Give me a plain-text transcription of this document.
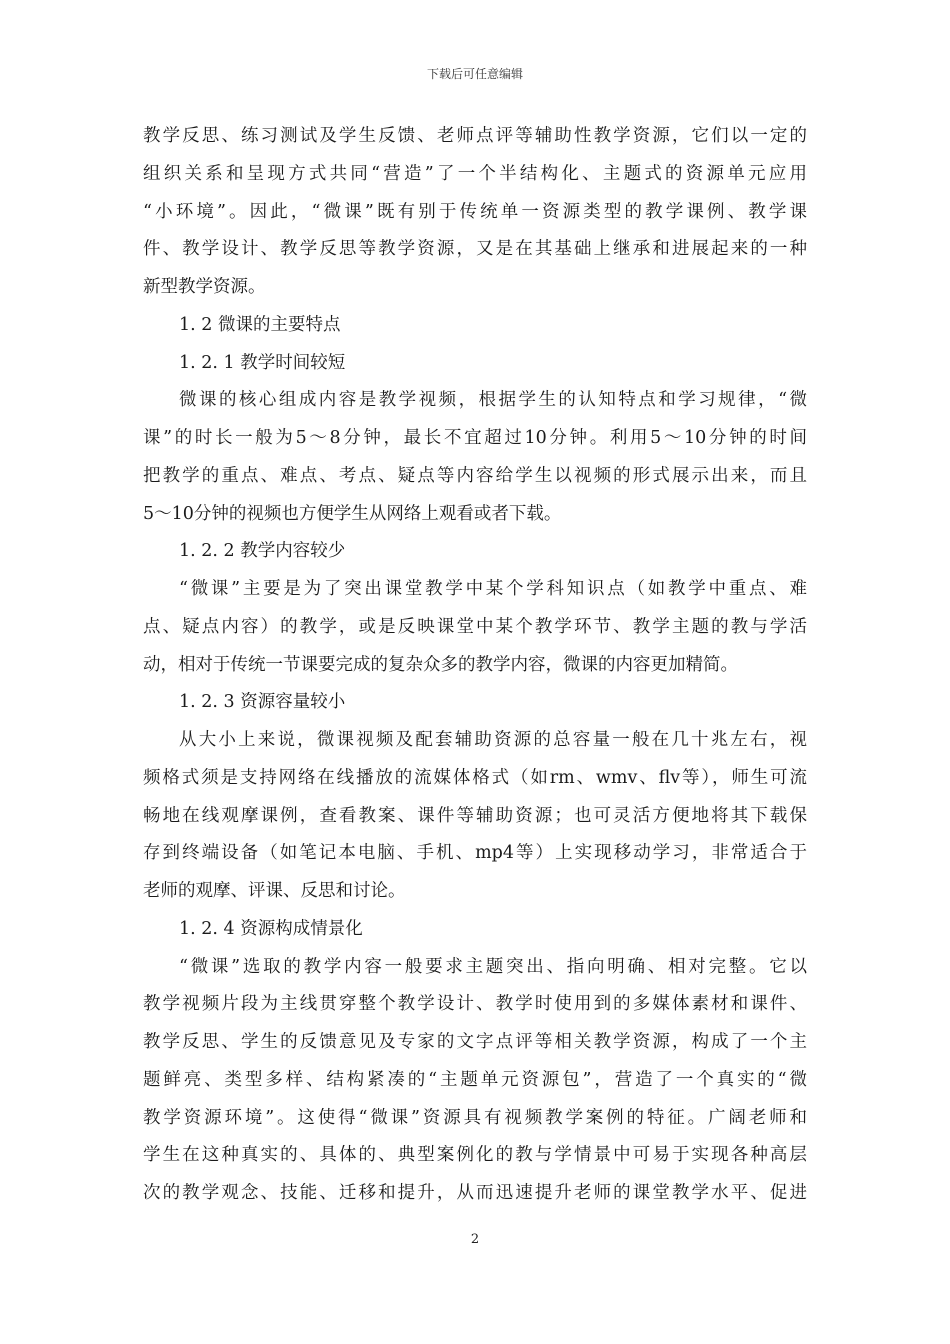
下载后可任意编辑
教学反思、练习测试及学生反馈、老师点评等辅助性教学资源，它们以一定的
组织关系和呈现方式共同“营造”了一个半结构化、主题式的资源单元应用
“小环境”。因此，“微课”既有别于传统单一资源类型的教学课例、教学课
件、教学设计、教学反思等教学资源，又是在其基础上继承和进展起来的一种
新型教学资源。
1. 2 微课的主要特点
1. 2. 1 教学时间较短
微课的核心组成内容是教学视频，根据学生的认知特点和学习规律，“微
课”的时长一般为5～8分钟，最长不宜超过10分钟。利用5～10分钟的时间
把教学的重点、难点、考点、疑点等内容给学生以视频的形式展示出来，而且
5～10分钟的视频也方便学生从网络上观看或者下载。
1. 2. 2 教学内容较少
“微课”主要是为了突出课堂教学中某个学科知识点（如教学中重点、难
点、疑点内容）的教学，或是反映课堂中某个教学环节、教学主题的教与学活
动，相对于传统一节课要完成的复杂众多的教学内容，微课的内容更加精简。
1. 2. 3 资源容量较小
从大小上来说，微课视频及配套辅助资源的总容量一般在几十兆左右，视
频格式须是支持网络在线播放的流媒体格式（如rm、wmv、flv等），师生可流
畅地在线观摩课例，查看教案、课件等辅助资源；也可灵活方便地将其下载保
存到终端设备（如笔记本电脑、手机、mp4等）上实现移动学习，非常适合于
老师的观摩、评课、反思和讨论。
1. 2. 4 资源构成情景化
“微课”选取的教学内容一般要求主题突出、指向明确、相对完整。它以
教学视频片段为主线贯穿整个教学设计、教学时使用到的多媒体素材和课件、
教学反思、学生的反馈意见及专家的文字点评等相关教学资源，构成了一个主
题鲜亮、类型多样、结构紧凑的“主题单元资源包”，营造了一个真实的“微
教学资源环境”。这使得“微课”资源具有视频教学案例的特征。广阔老师和
学生在这种真实的、具体的、典型案例化的教与学情景中可易于实现各种高层
次的教学观念、技能、迁移和提升，从而迅速提升老师的课堂教学水平、促进
2
